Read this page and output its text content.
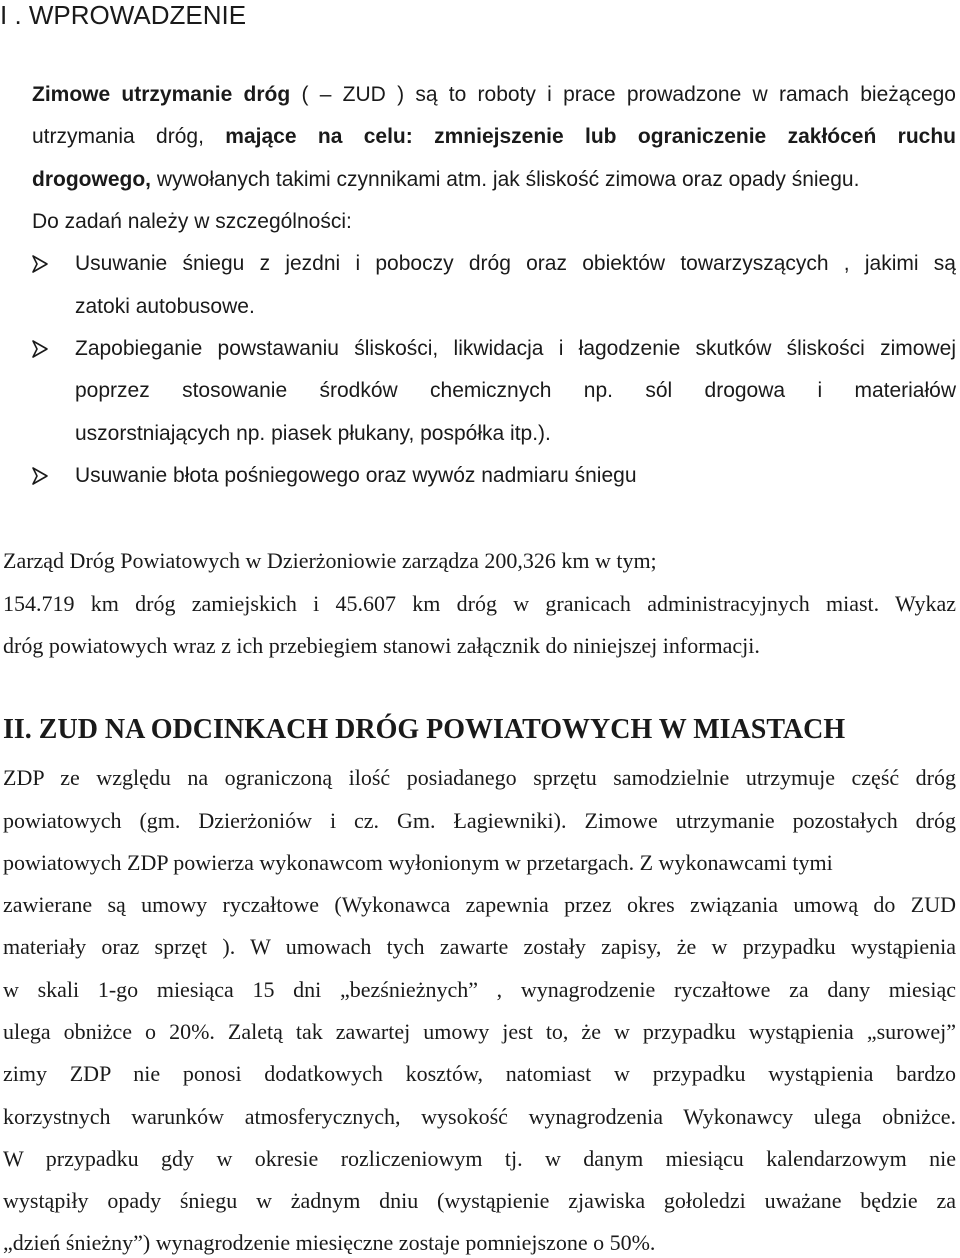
I . WPROWADZENIE

Zimowe utrzymanie dróg ( – ZUD ) są to roboty i prace prowadzone w ramach bieżącego

utrzymania dróg, mające na celu: zmniejszenie lub ograniczenie zakłóceń ruchu

drogowego, wywołanych takimi czynnikami atm. jak śliskość zimowa oraz opady śniegu.

Do zadań należy w szczególności:

Usuwanie śniegu z jezdni i poboczy dróg oraz obiektów towarzyszących , jakimi są

zatoki autobusowe.

Zapobieganie powstawaniu śliskości, likwidacja i łagodzenie skutków śliskości zimowej

poprzez stosowanie środków chemicznych np. sól drogowa i materiałów

uszorstniających np. piasek płukany, pospółka itp.).

Usuwanie błota pośniegowego oraz wywóz nadmiaru śniegu

Zarząd Dróg Powiatowych w Dzierżoniowie zarządza 200,326 km w tym;

154.719 km dróg zamiejskich i 45.607 km dróg w granicach administracyjnych miast. Wykaz

dróg powiatowych wraz z ich przebiegiem stanowi załącznik do niniejszej informacji.

II. ZUD NA ODCINKACH DRÓG POWIATOWYCH W MIASTACH

ZDP ze względu na ograniczoną ilość posiadanego sprzętu samodzielnie utrzymuje część dróg

powiatowych (gm. Dzierżoniów i cz. Gm. Łagiewniki). Zimowe utrzymanie pozostałych dróg

powiatowych ZDP powierza wykonawcom wyłonionym w przetargach. Z wykonawcami tymi

zawierane są umowy ryczałtowe (Wykonawca zapewnia przez okres związania umową do ZUD

materiały oraz sprzęt ). W umowach tych zawarte zostały zapisy, że w przypadku wystąpienia

w skali 1-go miesiąca 15 dni „bezśnieżnych” , wynagrodzenie ryczałtowe za dany miesiąc

ulega obniżce o 20%. Zaletą tak zawartej umowy jest to, że w przypadku wystąpienia „surowej”

zimy ZDP nie ponosi dodatkowych kosztów, natomiast w przypadku wystąpienia bardzo

korzystnych warunków atmosferycznych, wysokość wynagrodzenia Wykonawcy ulega obniżce.

W przypadku gdy w okresie rozliczeniowym tj. w danym miesiącu kalendarzowym nie

wystąpiły opady śniegu w żadnym dniu (wystąpienie zjawiska gołoledzi uważane będzie za

„dzień śnieżny”) wynagrodzenie miesięczne zostaje pomniejszone o 50%.
